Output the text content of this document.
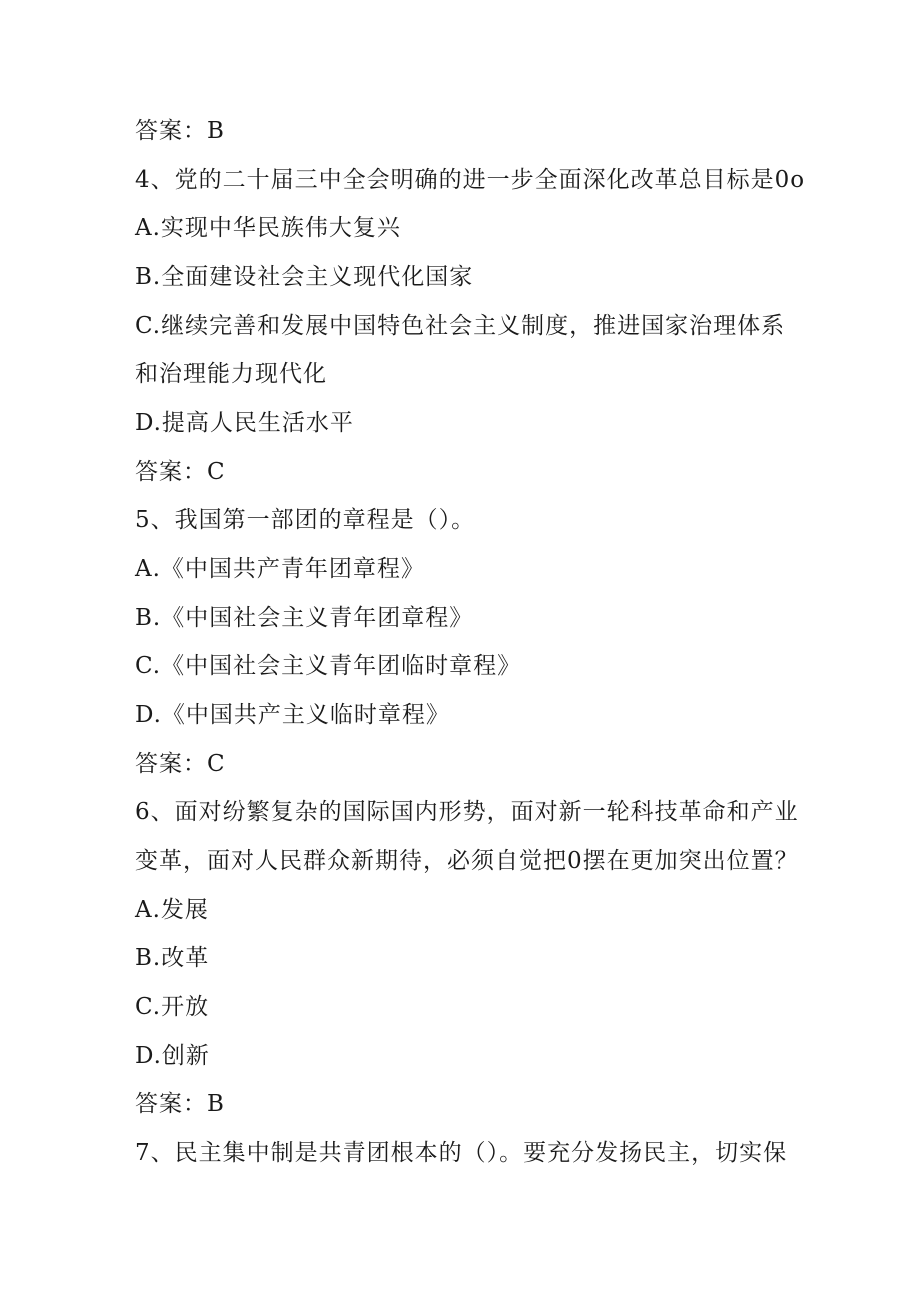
答案：B
4、党的二十届三中全会明确的进一步全面深化改革总目标是0o
A.实现中华民族伟大复兴
B.全面建设社会主义现代化国家
C.继续完善和发展中国特色社会主义制度，推进国家治理体系
和治理能力现代化
D.提高人民生活水平
答案：C
5、我国第一部团的章程是（）。
A.《中国共产青年团章程》
B.《中国社会主义青年团章程》
C.《中国社会主义青年团临时章程》
D.《中国共产主义临时章程》
答案：C
6、面对纷繁复杂的国际国内形势，面对新一轮科技革命和产业
变革，面对人民群众新期待，必须自觉把0摆在更加突出位置？
A.发展
B.改革
C.开放
D.创新
答案：B
7、民主集中制是共青团根本的（）。要充分发扬民主，切实保
